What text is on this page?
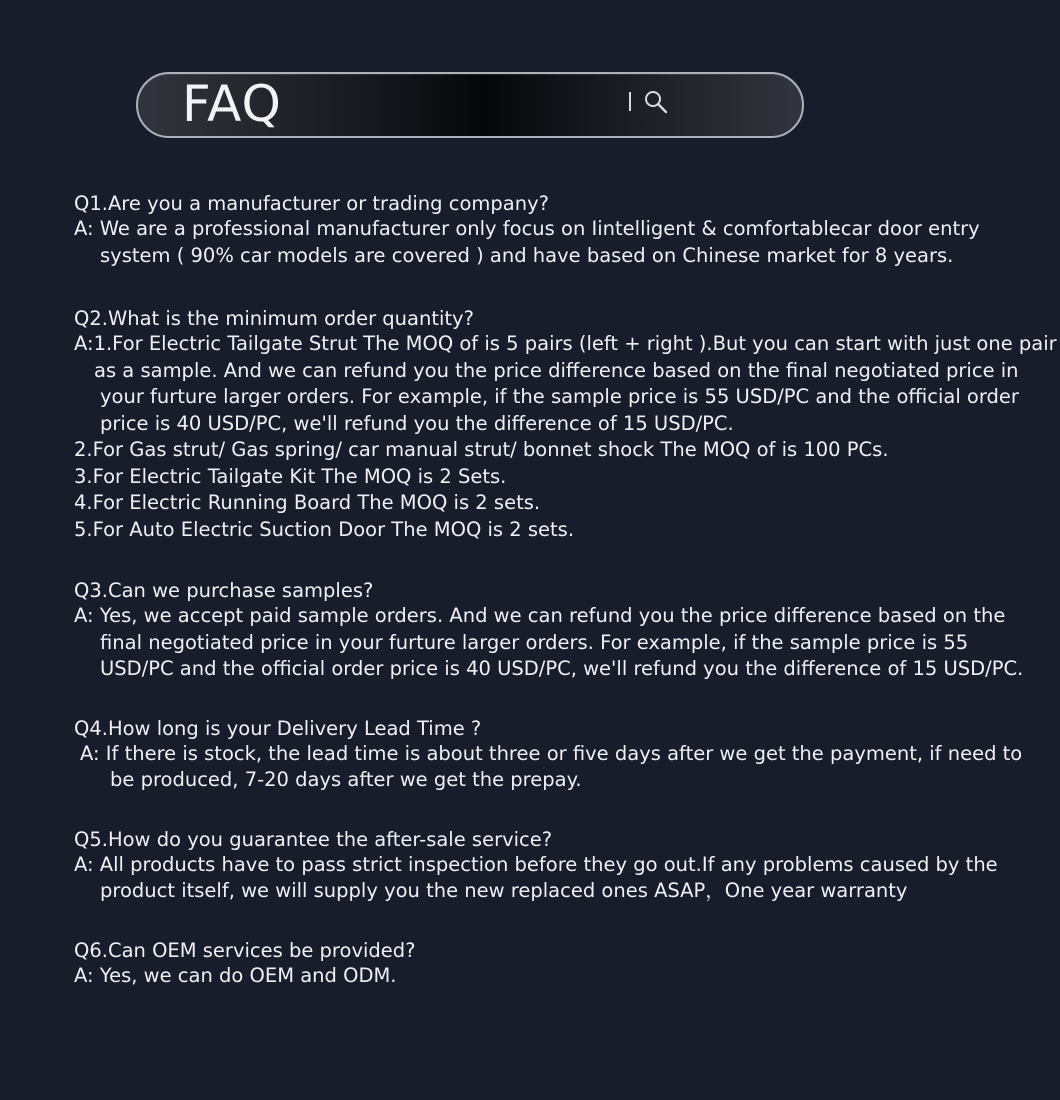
FAQ
Q1.Are you a manufacturer or trading company?
A: We are a professional manufacturer only focus on Iintelligent & comfortablecar door entry
system ( 90% car models are covered ) and have based on Chinese market for 8 years.
Q2.What is the minimum order quantity?
A:1.For Electric Tailgate Strut The MOQ of is 5 pairs (left + right ).But you can start with just one pair
as a sample. And we can refund you the price difference based on the final negotiated price in
your furture larger orders. For example, if the sample price is 55 USD/PC and the official order
price is 40 USD/PC, we'll refund you the difference of 15 USD/PC.
2.For Gas strut/ Gas spring/ car manual strut/ bonnet shock The MOQ of is 100 PCs.
3.For Electric Tailgate Kit The MOQ is 2 Sets.
4.For Electric Running Board The MOQ is 2 sets.
5.For Auto Electric Suction Door The MOQ is 2 sets.
Q3.Can we purchase samples?
A: Yes, we accept paid sample orders. And we can refund you the price difference based on the
final negotiated price in your furture larger orders. For example, if the sample price is 55
USD/PC and the official order price is 40 USD/PC, we'll refund you the difference of 15 USD/PC.
Q4.How long is your Delivery Lead Time ?
A: If there is stock, the lead time is about three or five days after we get the payment, if need to
be produced, 7-20 days after we get the prepay.
Q5.How do you guarantee the after-sale service?
A: All products have to pass strict inspection before they go out.If any problems caused by the
product itself, we will supply you the new replaced ones ASAP，One year warranty
Q6.Can OEM services be provided?
A: Yes, we can do OEM and ODM.
